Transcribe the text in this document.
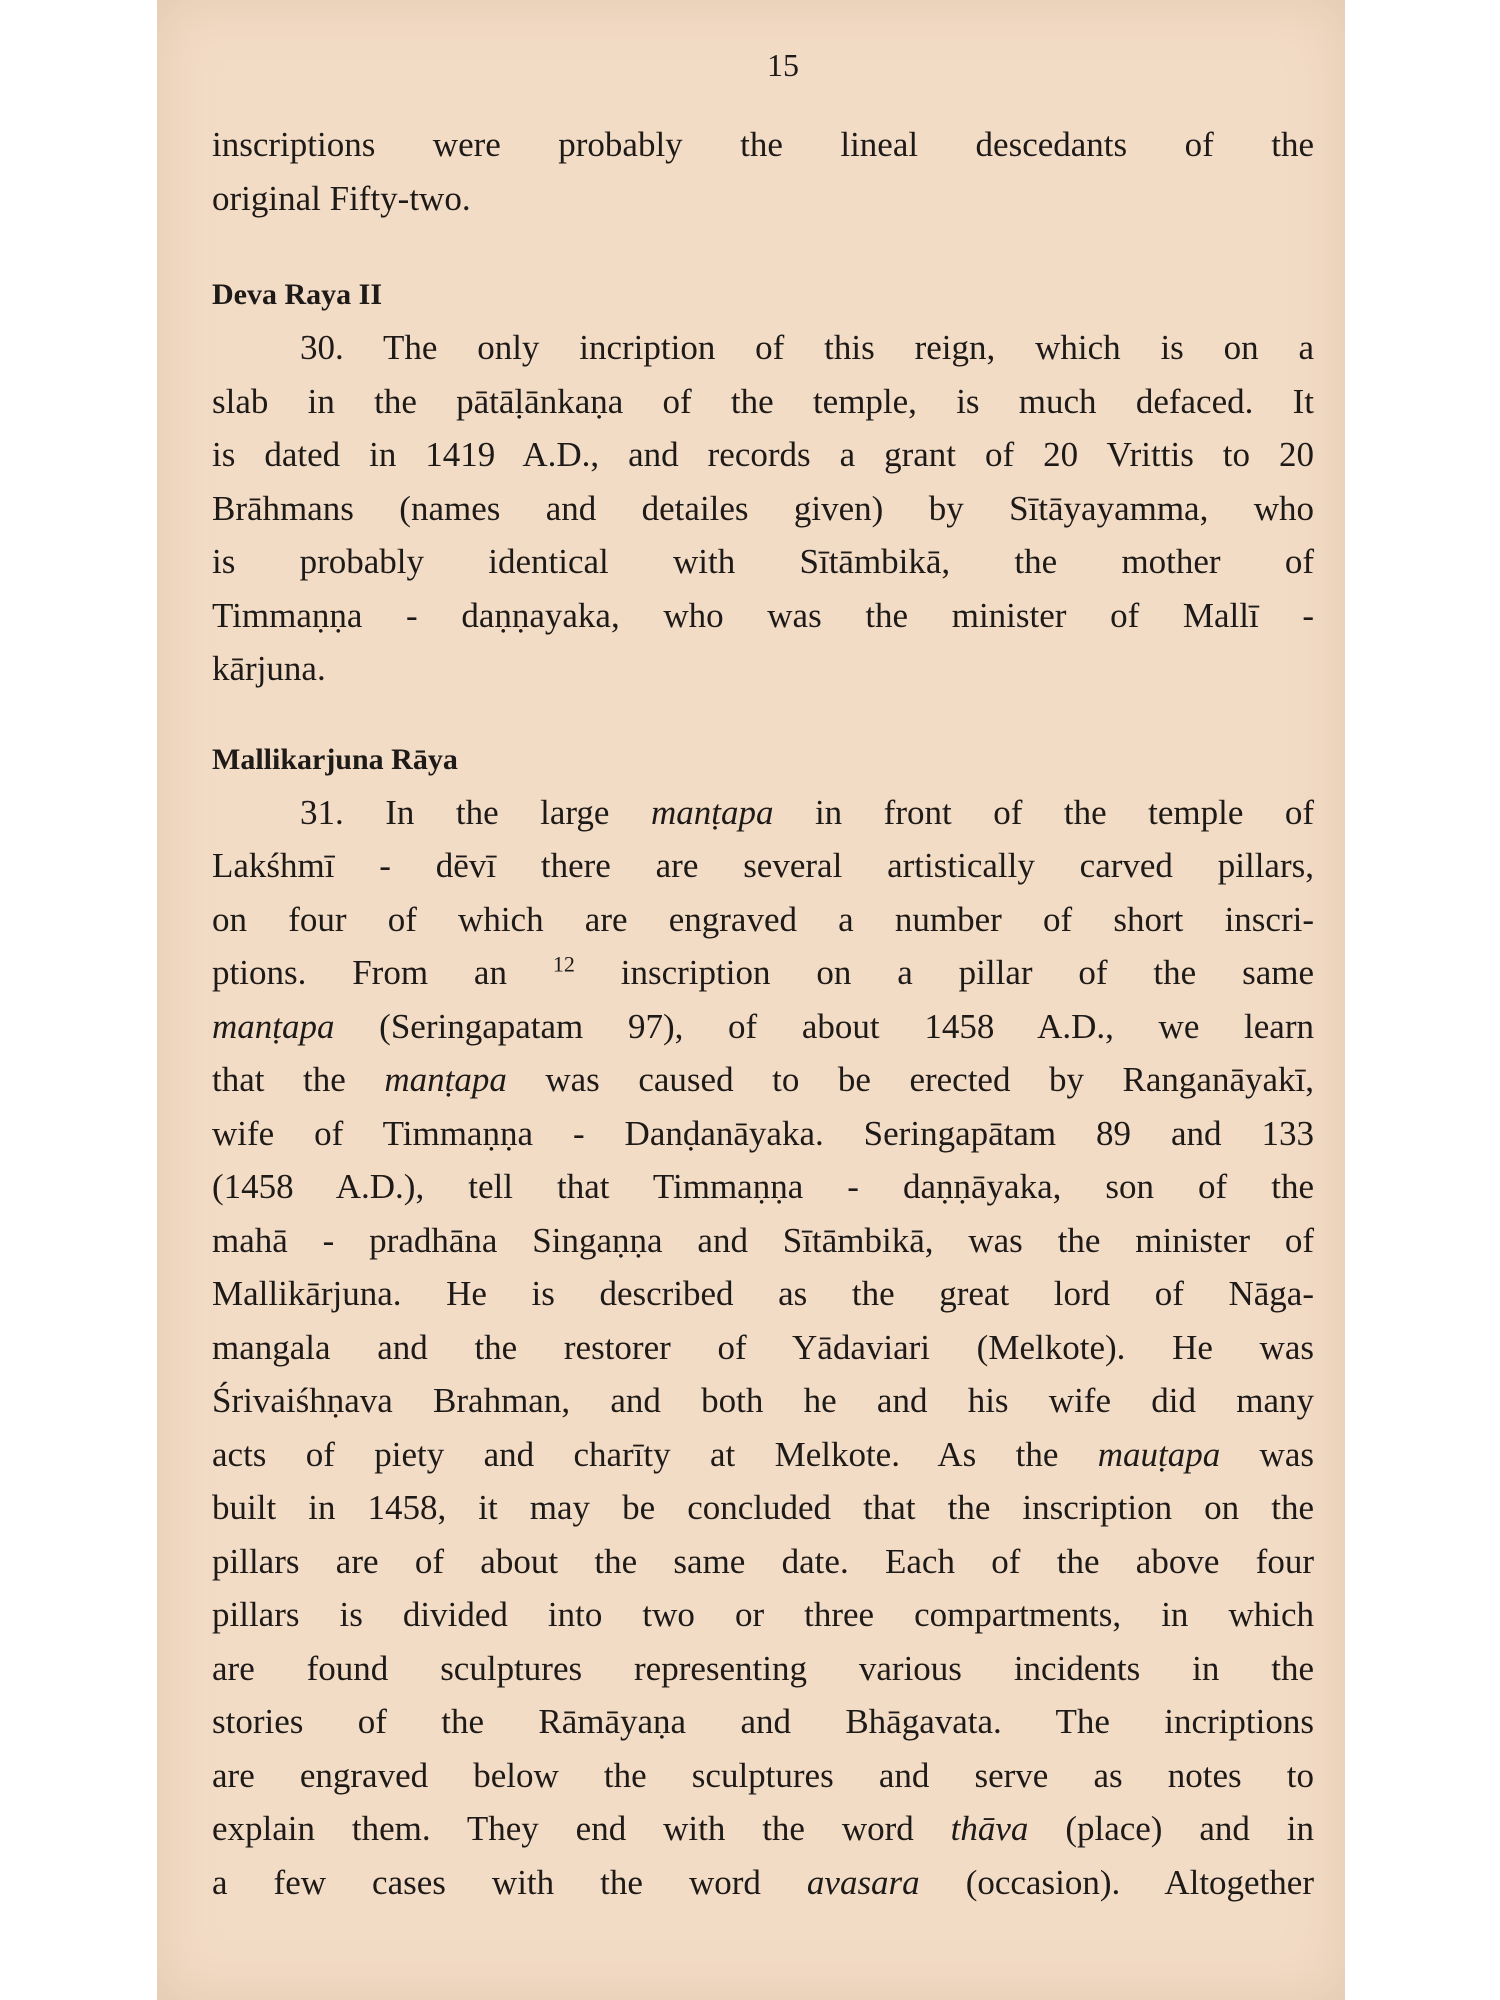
15
inscriptions were probably the lineal descedants of the
original Fifty-two.
Deva Raya II
30. The only incription of this reign, which is on a
slab in the pātāḷānkaṇa of the temple, is much defaced. It
is dated in 1419 A.D., and records a grant of 20 Vrittis to 20
Brāhmans (names and detailes given) by Sītāyayamma, who
is probably identical with Sītāmbikā, the mother of
Timmaṇṇa - daṇṇayaka, who was the minister of Mallī -
kārjuna.
Mallikarjuna Rāya
31. In the large manṭapa in front of the temple of
Lakśhmī - dēvī there are several artistically carved pillars,
on four of which are engraved a number of short inscri-
ptions. From an $^{12}$ inscription on a pillar of the same
manṭapa (Seringapatam 97), of about 1458 A.D., we learn
that the manṭapa was caused to be erected by Ranganāyakī,
wife of Timmaṇṇa - Danḍanāyaka. Seringapātam 89 and 133
(1458 A.D.), tell that Timmaṇṇa - daṇṇāyaka, son of the
mahā - pradhāna Singaṇṇa and Sītāmbikā, was the minister of
Mallikārjuna. He is described as the great lord of Nāga-
mangala and the restorer of Yādaviari (Melkote). He was
Śrivaiśhṇava Brahman, and both he and his wife did many
acts of piety and charīty at Melkote. As the mauṭapa was
built in 1458, it may be concluded that the inscription on the
pillars are of about the same date. Each of the above four
pillars is divided into two or three compartments, in which
are found sculptures representing various incidents in the
stories of the Rāmāyaṇa and Bhāgavata. The incriptions
are engraved below the sculptures and serve as notes to
explain them. They end with the word thāva (place) and in
a few cases with the word avasara (occasion). Altogether
